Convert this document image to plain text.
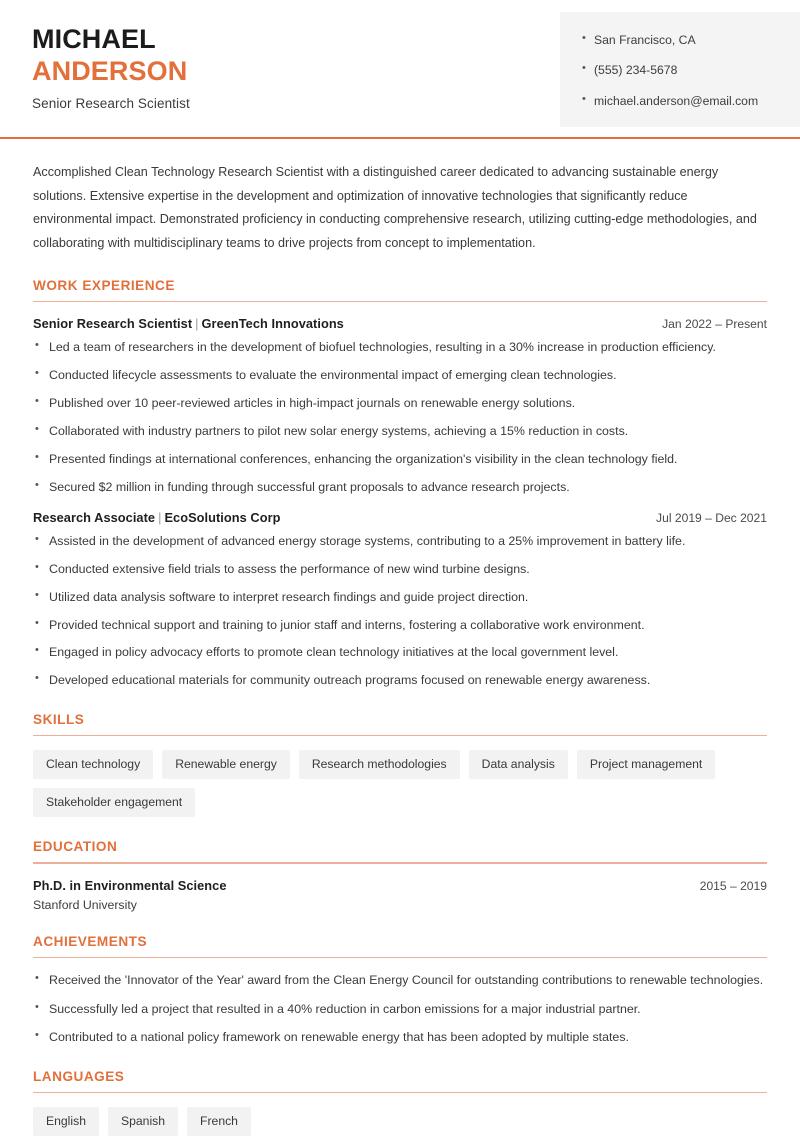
MICHAEL
ANDERSON
Senior Research Scientist
• San Francisco, CA
• (555) 234-5678
• michael.anderson@email.com

Accomplished Clean Technology Research Scientist with a distinguished career dedicated to advancing sustainable energy solutions. Extensive expertise in the development and optimization of innovative technologies that significantly reduce environmental impact. Demonstrated proficiency in conducting comprehensive research, utilizing cutting-edge methodologies, and collaborating with multidisciplinary teams to drive projects from concept to implementation.

WORK EXPERIENCE
Senior Research Scientist | GreenTech Innovations	Jan 2022 – Present
• Led a team of researchers in the development of biofuel technologies, resulting in a 30% increase in production efficiency.
• Conducted lifecycle assessments to evaluate the environmental impact of emerging clean technologies.
• Published over 10 peer-reviewed articles in high-impact journals on renewable energy solutions.
• Collaborated with industry partners to pilot new solar energy systems, achieving a 15% reduction in costs.
• Presented findings at international conferences, enhancing the organization's visibility in the clean technology field.
• Secured $2 million in funding through successful grant proposals to advance research projects.
Research Associate | EcoSolutions Corp	Jul 2019 – Dec 2021
• Assisted in the development of advanced energy storage systems, contributing to a 25% improvement in battery life.
• Conducted extensive field trials to assess the performance of new wind turbine designs.
• Utilized data analysis software to interpret research findings and guide project direction.
• Provided technical support and training to junior staff and interns, fostering a collaborative work environment.
• Engaged in policy advocacy efforts to promote clean technology initiatives at the local government level.
• Developed educational materials for community outreach programs focused on renewable energy awareness.
SKILLS
Clean technology	Renewable energy	Research methodologies	Data analysis	Project management
Stakeholder engagement
EDUCATION
Ph.D. in Environmental Science	2015 – 2019
Stanford University
ACHIEVEMENTS
• Received the 'Innovator of the Year' award from the Clean Energy Council for outstanding contributions to renewable technologies.
• Successfully led a project that resulted in a 40% reduction in carbon emissions for a major industrial partner.
• Contributed to a national policy framework on renewable energy that has been adopted by multiple states.
LANGUAGES
English	Spanish	French
